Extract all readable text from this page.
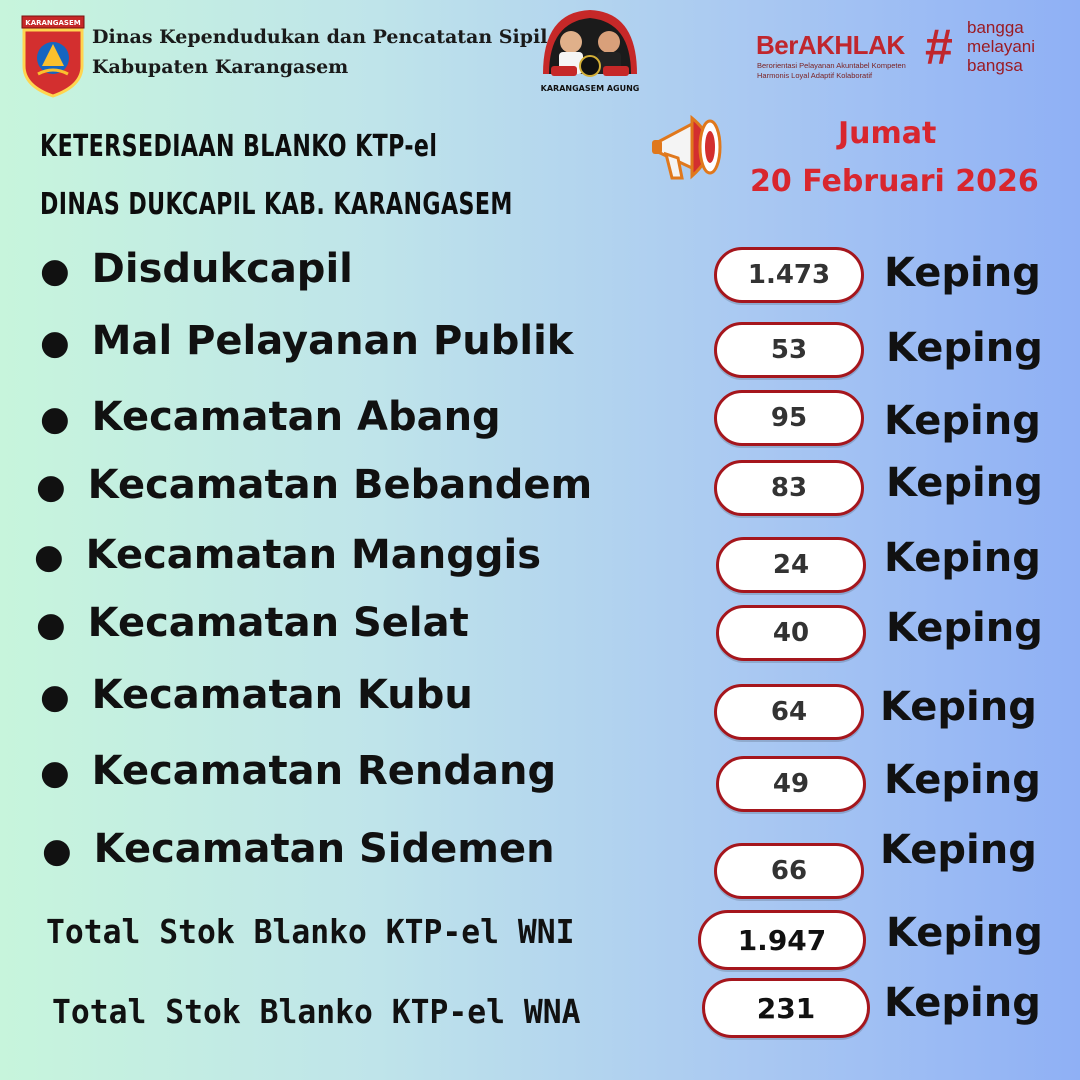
KARANGASEM
Dinas Kependudukan dan Pencatatan Sipil
Kabupaten Karangasem
KARANGASEM AGUNG
BerAKHLAK
Berorientasi Pelayanan Akuntabel Kompeten
Harmonis Loyal Adaptif Kolaboratif
# bangga
melayani
bangsa
KETERSEDIAAN BLANKO KTP-el
DINAS DUKCAPIL KAB. KARANGASEM
Jumat
20 Februari 2026
● Disdukcapil	1.473	Keping
● Mal Pelayanan Publik	53	Keping
● Kecamatan Abang	95	Keping
● Kecamatan Bebandem	83	Keping
● Kecamatan Manggis	24	Keping
● Kecamatan Selat	40	Keping
● Kecamatan Kubu	64	Keping
● Kecamatan Rendang	49	Keping
● Kecamatan Sidemen	66	Keping
Total Stok Blanko KTP-el WNI	1.947	Keping
Total Stok Blanko KTP-el WNA	231	Keping
